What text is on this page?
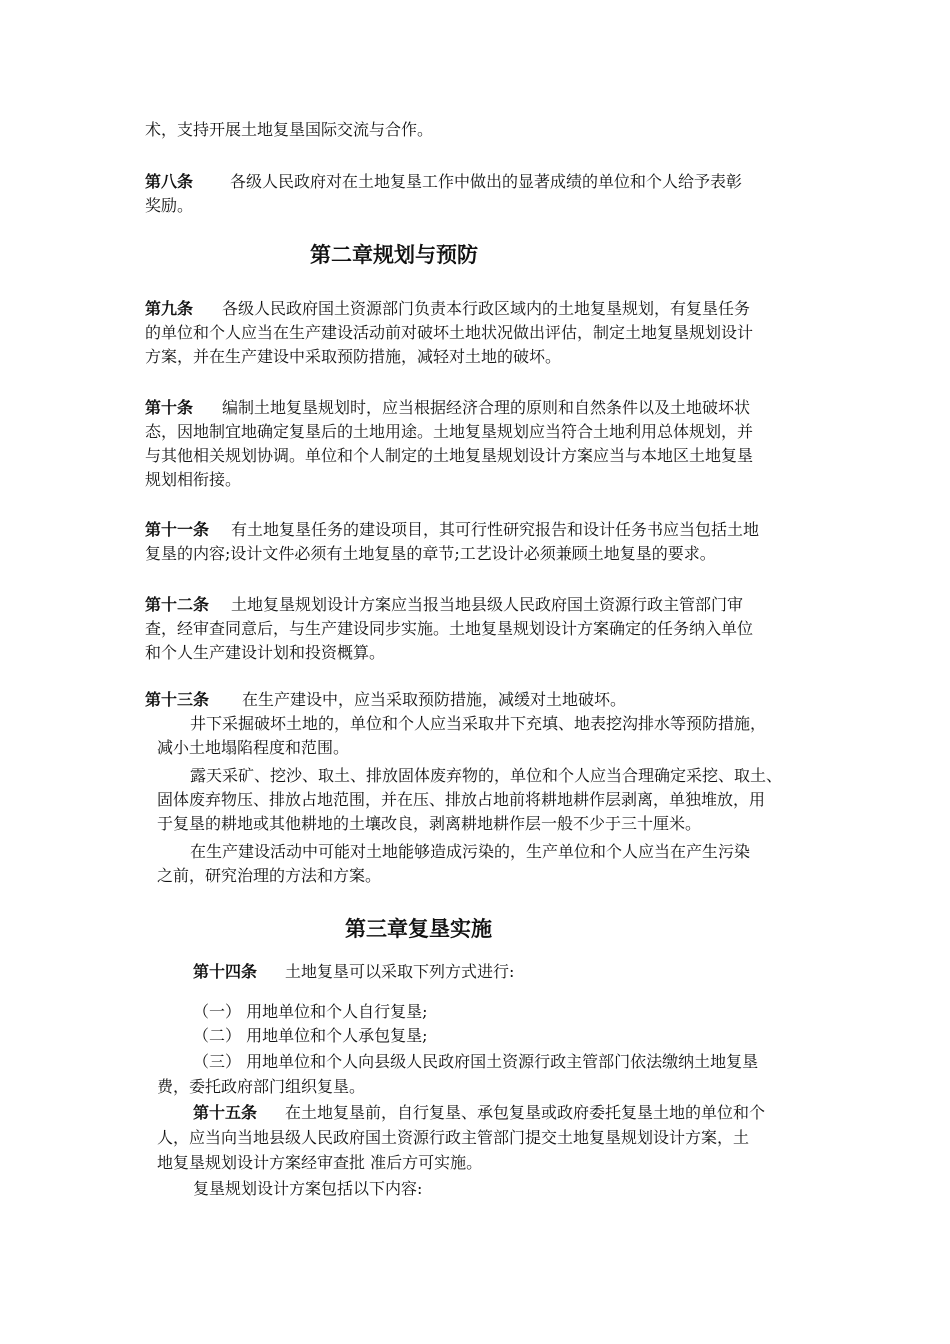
术，支持开展土地复垦国际交流与合作。
第八条 各级人民政府对在土地复垦工作中做出的显著成绩的单位和个人给予表彰
奖励。
第二章规划与预防
第九条 各级人民政府国土资源部门负责本行政区域内的土地复垦规划，有复垦任务
的单位和个人应当在生产建设活动前对破坏土地状况做出评估，制定土地复垦规划设计
方案，并在生产建设中采取预防措施，减轻对土地的破坏。
第十条 编制土地复垦规划时，应当根据经济合理的原则和自然条件以及土地破坏状
态，因地制宜地确定复垦后的土地用途。土地复垦规划应当符合土地利用总体规划，并
与其他相关规划协调。单位和个人制定的土地复垦规划设计方案应当与本地区土地复垦
规划相衔接。
第十一条 有土地复垦任务的建设项目，其可行性研究报告和设计任务书应当包括土地
复垦的内容;设计文件必须有土地复垦的章节;工艺设计必须兼顾土地复垦的要求。
第十二条 土地复垦规划设计方案应当报当地县级人民政府国土资源行政主管部门审
查，经审查同意后，与生产建设同步实施。土地复垦规划设计方案确定的任务纳入单位
和个人生产建设计划和投资概算。
第十三条 在生产建设中，应当采取预防措施，减缓对土地破坏。
井下采掘破坏土地的，单位和个人应当采取井下充填、地表挖沟排水等预防措施，
减小土地塌陷程度和范围。
露天采矿、挖沙、取土、排放固体废弃物的，单位和个人应当合理确定采挖、取土、
固体废弃物压、排放占地范围，并在压、排放占地前将耕地耕作层剥离，单独堆放，用
于复垦的耕地或其他耕地的土壤改良，剥离耕地耕作层一般不少于三十厘米。
在生产建设活动中可能对土地能够造成污染的，生产单位和个人应当在产生污染
之前，研究治理的方法和方案。
第三章复垦实施
第十四条 土地复垦可以采取下列方式进行:
（一） 用地单位和个人自行复垦;
（二） 用地单位和个人承包复垦;
（三） 用地单位和个人向县级人民政府国土资源行政主管部门依法缴纳土地复垦
费，委托政府部门组织复垦。
第十五条 在土地复垦前，自行复垦、承包复垦或政府委托复垦土地的单位和个
人，应当向当地县级人民政府国土资源行政主管部门提交土地复垦规划设计方案，土
地复垦规划设计方案经审查批 准后方可实施。
复垦规划设计方案包括以下内容:
